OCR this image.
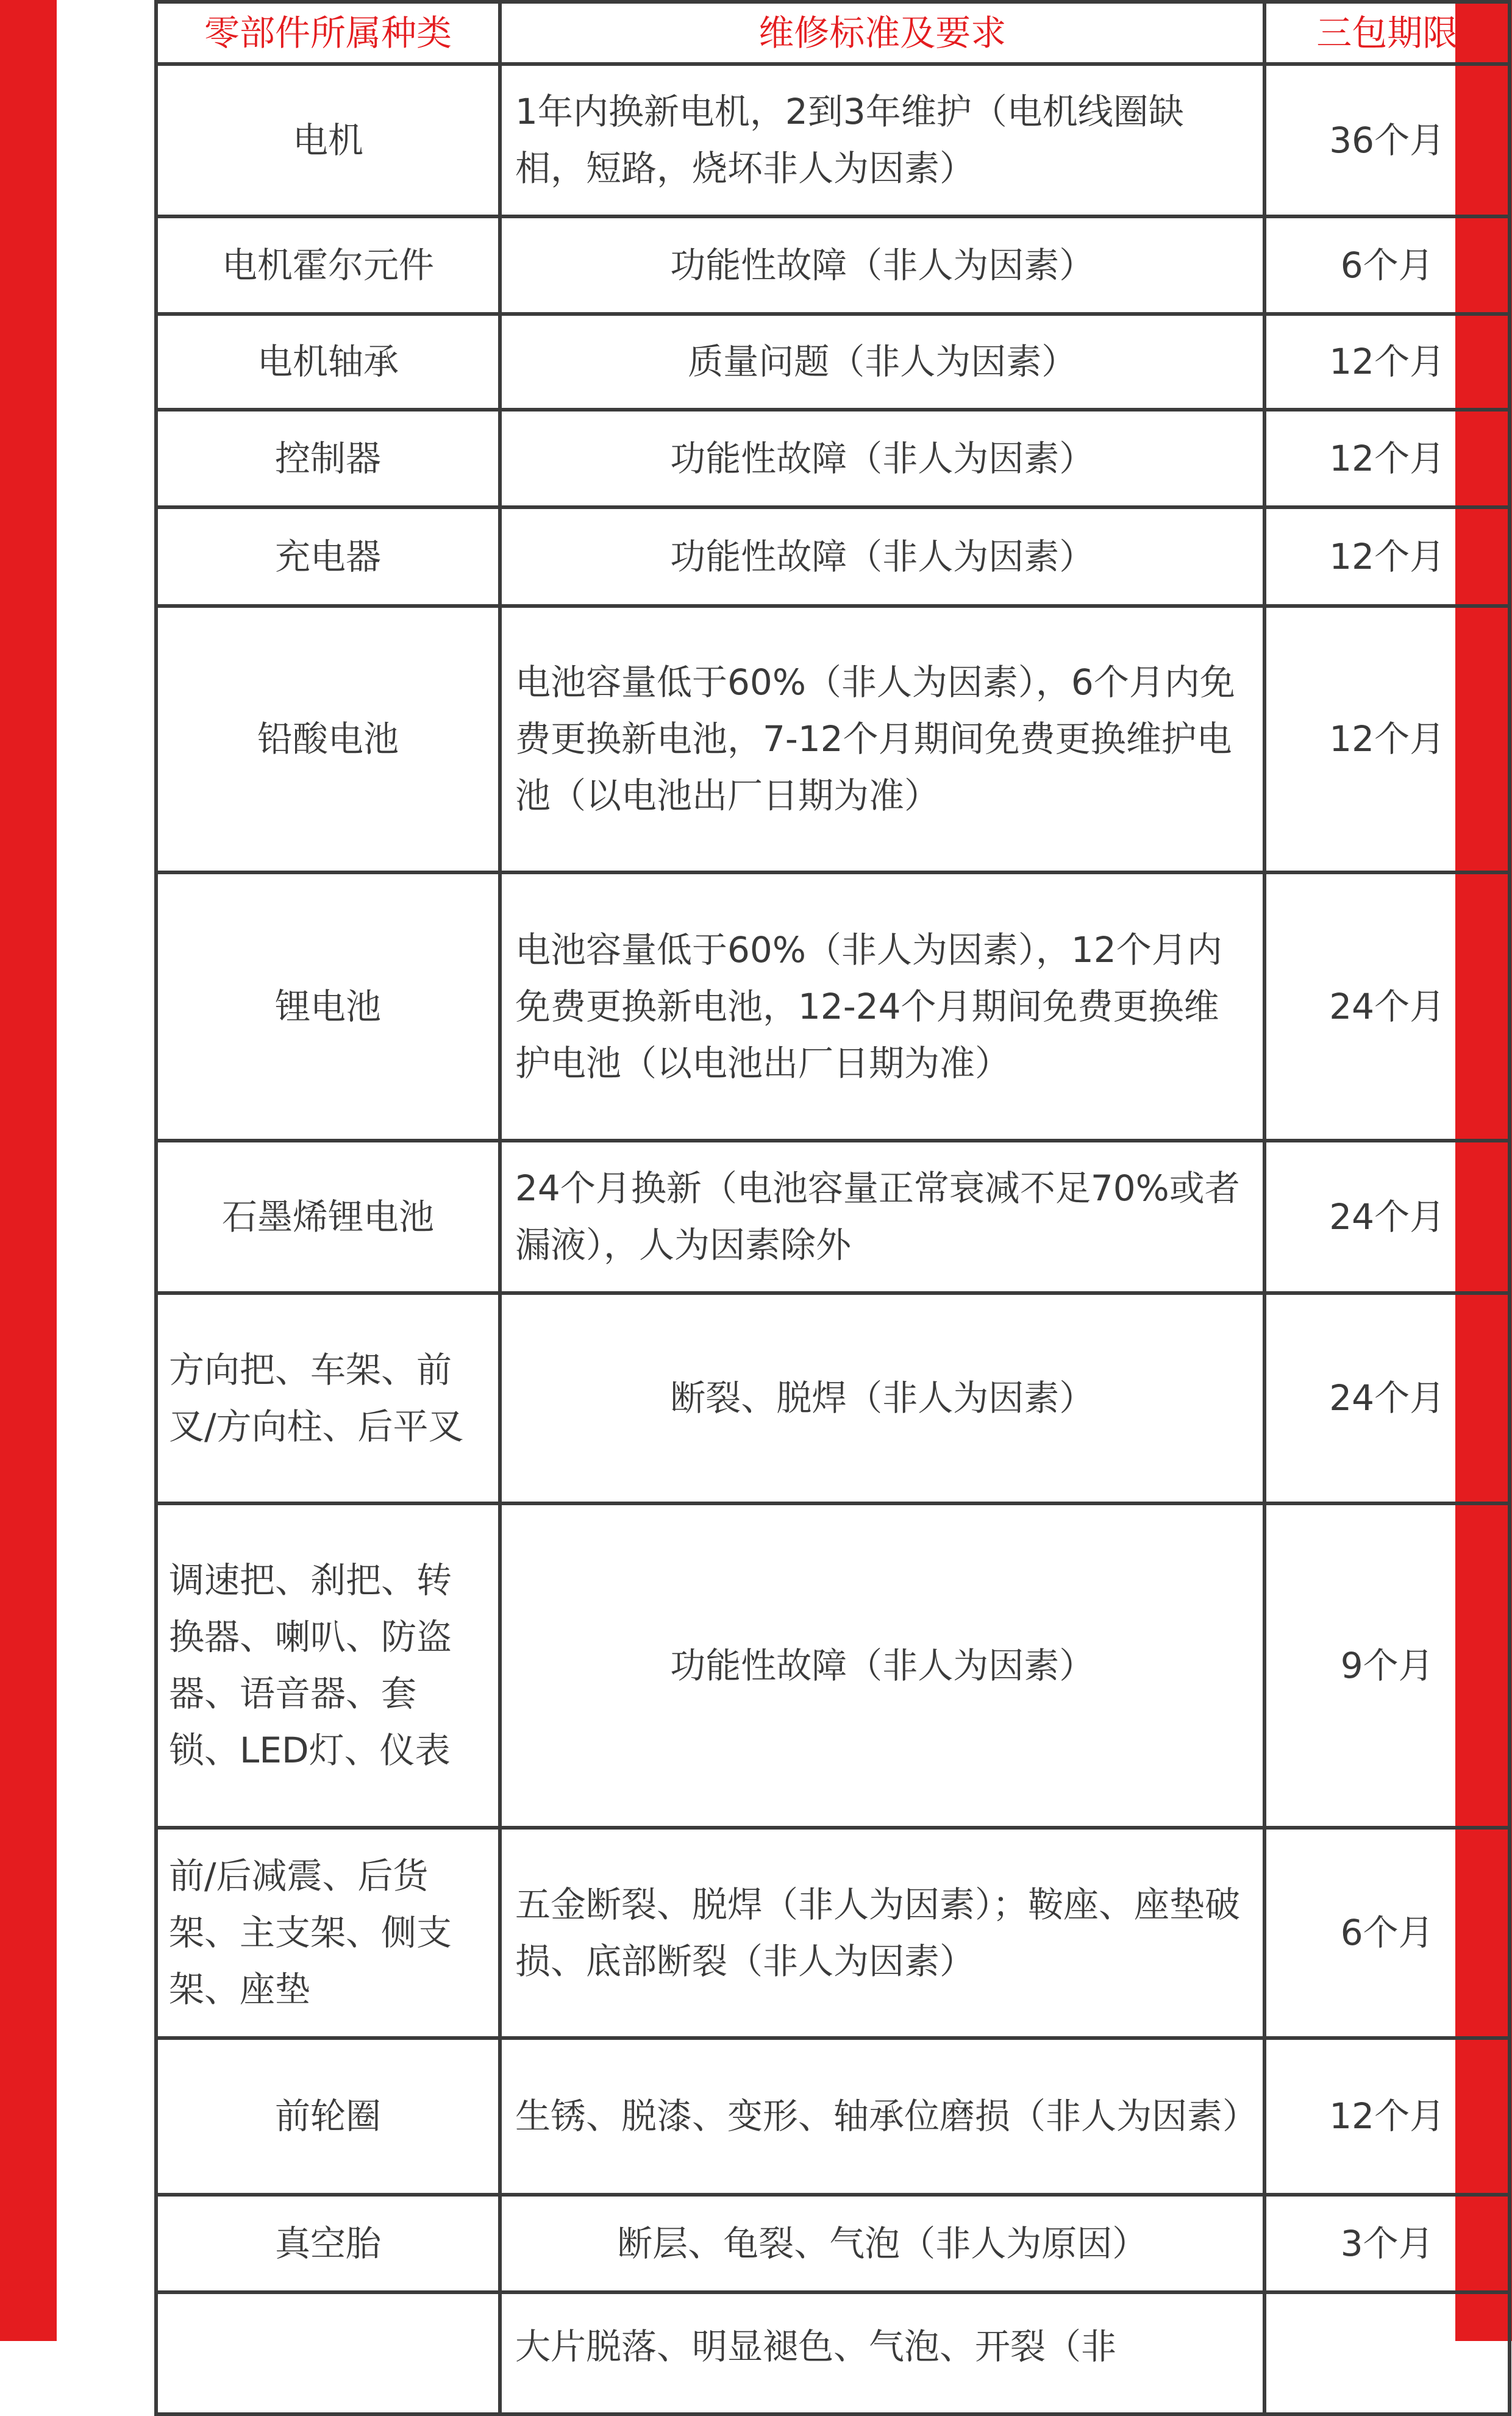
零部件所属种类	维修标准及要求	三包期限
电机	1年内换新电机，2到3年维护（电机线圈缺相，短路，烧坏非人为因素）	36个月
电机霍尔元件	功能性故障（非人为因素）	6个月
电机轴承	质量问题（非人为因素）	12个月
控制器	功能性故障（非人为因素）	12个月
充电器	功能性故障（非人为因素）	12个月
铅酸电池	电池容量低于60%（非人为因素），6个月内免费更换新电池，7-12个月期间免费更换维护电池（以电池出厂日期为准）	12个月
锂电池	电池容量低于60%（非人为因素），12个月内免费更换新电池，12-24个月期间免费更换维护电池（以电池出厂日期为准）	24个月
石墨烯锂电池	24个月换新（电池容量正常衰减不足70%或者漏液），人为因素除外	24个月
方向把、车架、前叉/方向柱、后平叉	断裂、脱焊（非人为因素）	24个月
调速把、刹把、转换器、喇叭、防盗器、语音器、套锁、LED灯、仪表	功能性故障（非人为因素）	9个月
前/后减震、后货架、主支架、侧支架、座垫	五金断裂、脱焊（非人为因素）；鞍座、座垫破损、底部断裂（非人为因素）	6个月
前轮圈	生锈、脱漆、变形、轴承位磨损（非人为因素）	12个月
真空胎	断层、龟裂、气泡（非人为原因）	3个月
	大片脱落、明显褪色、气泡、开裂（非	
